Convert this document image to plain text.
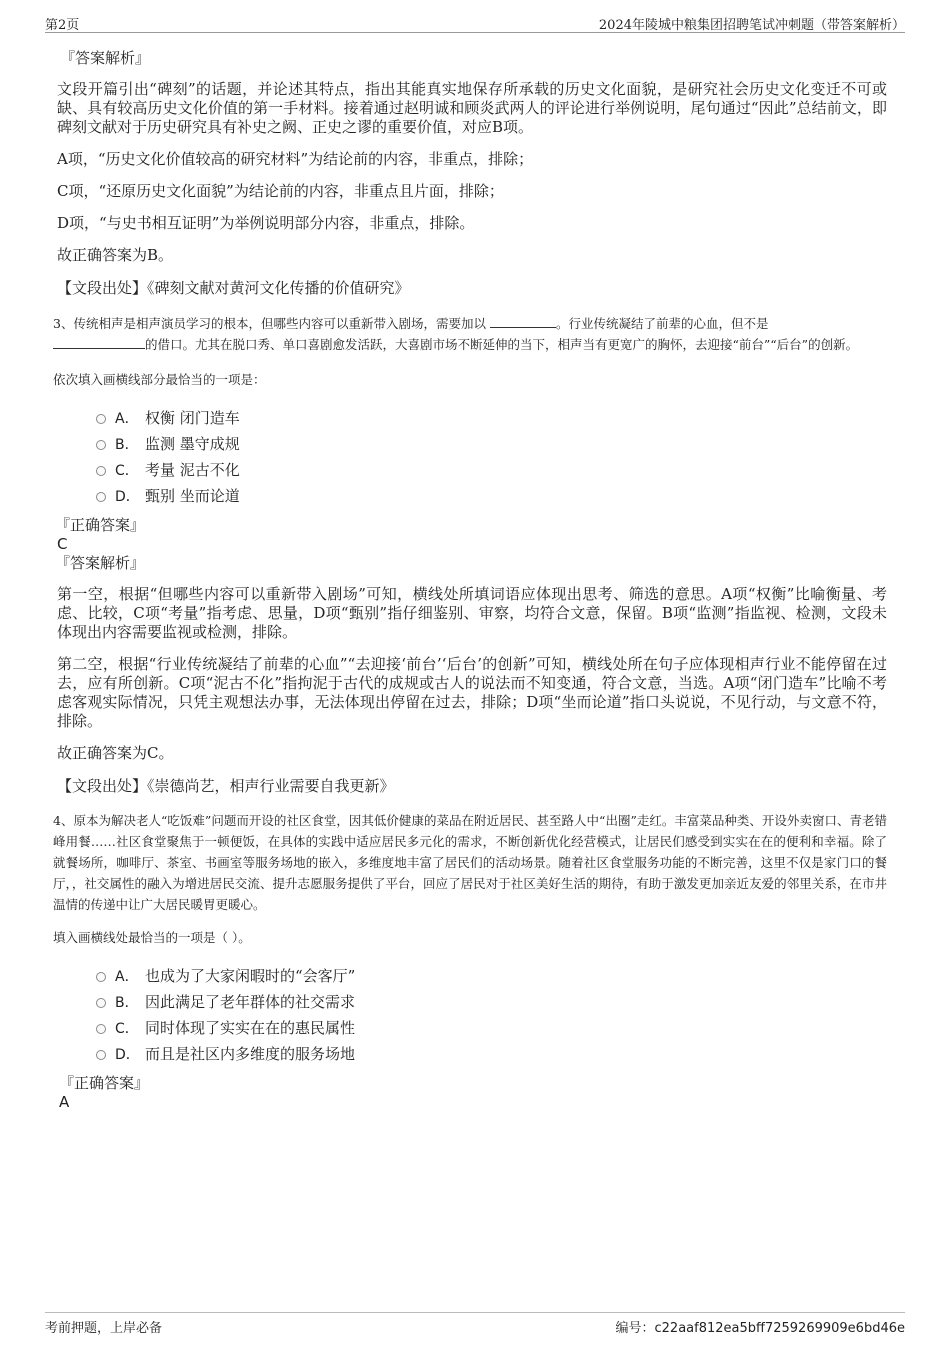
第2页	2024年陵城中粮集团招聘笔试冲刺题（带答案解析）

『答案解析』

文段开篇引出“碑刻”的话题，并论述其特点，指出其能真实地保存所承载的历史文化面貌，是研究社会历史文化变迁不可或缺、具有较高历史文化价值的第一手材料。接着通过赵明诚和顾炎武两人的评论进行举例说明，尾句通过“因此”总结前文，即碑刻文献对于历史研究具有补史之阙、正史之谬的重要价值，对应B项。

A项，“历史文化价值较高的研究材料”为结论前的内容，非重点，排除；

C项，“还原历史文化面貌”为结论前的内容，非重点且片面，排除；

D项，“与史书相互证明”为举例说明部分内容，非重点，排除。

故正确答案为B。

【文段出处】《碑刻文献对黄河文化传播的价值研究》

3、传统相声是相声演员学习的根本，但哪些内容可以重新带入剧场，需要加以	。行业传统凝结了前辈的心血，但不是
的借口。尤其在脱口秀、单口喜剧愈发活跃，大喜剧市场不断延伸的当下，相声当有更宽广的胸怀，去迎接“前台”“后台”的创新。

依次填入画横线部分最恰当的一项是：

A． 权衡 闭门造车
B． 监测 墨守成规
C． 考量 泥古不化
D． 甄别 坐而论道

『正确答案』

C

『答案解析』

第一空，根据“但哪些内容可以重新带入剧场”可知，横线处所填词语应体现出思考、筛选的意思。A项“权衡”比喻衡量、考虑、比较，C项“考量”指考虑、思量，D项“甄别”指仔细鉴别、审察，均符合文意，保留。B项“监测”指监视、检测，文段未体现出内容需要监视或检测，排除。

第二空，根据“行业传统凝结了前辈的心血”“去迎接‘前台’‘后台’的创新”可知，横线处所在句子应体现相声行业不能停留在过去，应有所创新。C项“泥古不化”指拘泥于古代的成规或古人的说法而不知变通，符合文意，当选。A项“闭门造车”比喻不考虑客观实际情况，只凭主观想法办事，无法体现出停留在过去，排除；D项“坐而论道”指口头说说，不见行动，与文意不符，排除。

故正确答案为C。

【文段出处】《崇德尚艺，相声行业需要自我更新》

4、原本为解决老人“吃饭难”问题而开设的社区食堂，因其低价健康的菜品在附近居民、甚至路人中“出圈”走红。丰富菜品种类、开设外卖窗口、青老错峰用餐……社区食堂聚焦于一顿便饭，在具体的实践中适应居民多元化的需求，不断创新优化经营模式，让居民们感受到实实在在的便利和幸福。除了就餐场所，咖啡厅、茶室、书画室等服务场地的嵌入，多维度地丰富了居民们的活动场景。随着社区食堂服务功能的不断完善，这里不仅是家门口的餐厅，，社交属性的融入为增进居民交流、提升志愿服务提供了平台，回应了居民对于社区美好生活的期待，有助于激发更加亲近友爱的邻里关系，在市井温情的传递中让广大居民暖胃更暖心。

填入画横线处最恰当的一项是（ ）。

A． 也成为了大家闲暇时的“会客厅”
B． 因此满足了老年群体的社交需求
C． 同时体现了实实在在的惠民属性
D． 而且是社区内多维度的服务场地

『正确答案』

A

考前押题，上岸必备	编号：c22aaf812ea5bff7259269909e6bd46e
